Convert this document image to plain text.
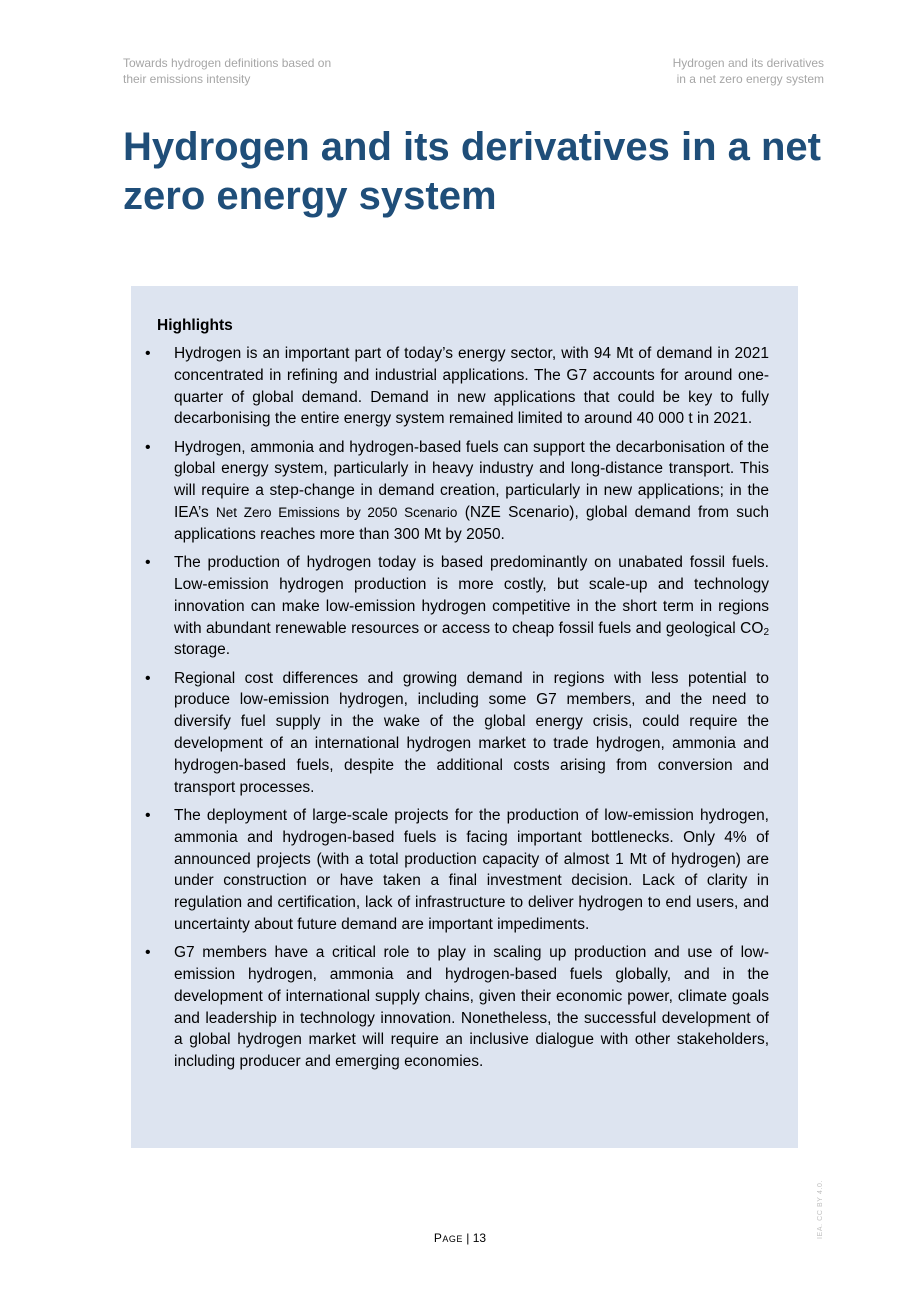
Towards hydrogen definitions based on
their emissions intensity
Hydrogen and its derivatives
in a net zero energy system
Hydrogen and its derivatives in a net zero energy system
Highlights
• Hydrogen is an important part of today’s energy sector, with 94 Mt of demand in 2021 concentrated in refining and industrial applications. The G7 accounts for around one-quarter of global demand. Demand in new applications that could be key to fully decarbonising the entire energy system remained limited to around 40 000 t in 2021.
• Hydrogen, ammonia and hydrogen-based fuels can support the decarbonisation of the global energy system, particularly in heavy industry and long-distance transport. This will require a step-change in demand creation, particularly in new applications; in the IEA’s Net Zero Emissions by 2050 Scenario (NZE Scenario), global demand from such applications reaches more than 300 Mt by 2050.
• The production of hydrogen today is based predominantly on unabated fossil fuels. Low-emission hydrogen production is more costly, but scale-up and technology innovation can make low-emission hydrogen competitive in the short term in regions with abundant renewable resources or access to cheap fossil fuels and geological $CO_2$ storage.
• Regional cost differences and growing demand in regions with less potential to produce low-emission hydrogen, including some G7 members, and the need to diversify fuel supply in the wake of the global energy crisis, could require the development of an international hydrogen market to trade hydrogen, ammonia and hydrogen-based fuels, despite the additional costs arising from conversion and transport processes.
• The deployment of large-scale projects for the production of low-emission hydrogen, ammonia and hydrogen-based fuels is facing important bottlenecks. Only 4% of announced projects (with a total production capacity of almost 1 Mt of hydrogen) are under construction or have taken a final investment decision. Lack of clarity in regulation and certification, lack of infrastructure to deliver hydrogen to end users, and uncertainty about future demand are important impediments.
• G7 members have a critical role to play in scaling up production and use of low-emission hydrogen, ammonia and hydrogen-based fuels globally, and in the development of international supply chains, given their economic power, climate goals and leadership in technology innovation. Nonetheless, the successful development of a global hydrogen market will require an inclusive dialogue with other stakeholders, including producer and emerging economies.
PAGE | 13	IEA. CC BY 4.0.
